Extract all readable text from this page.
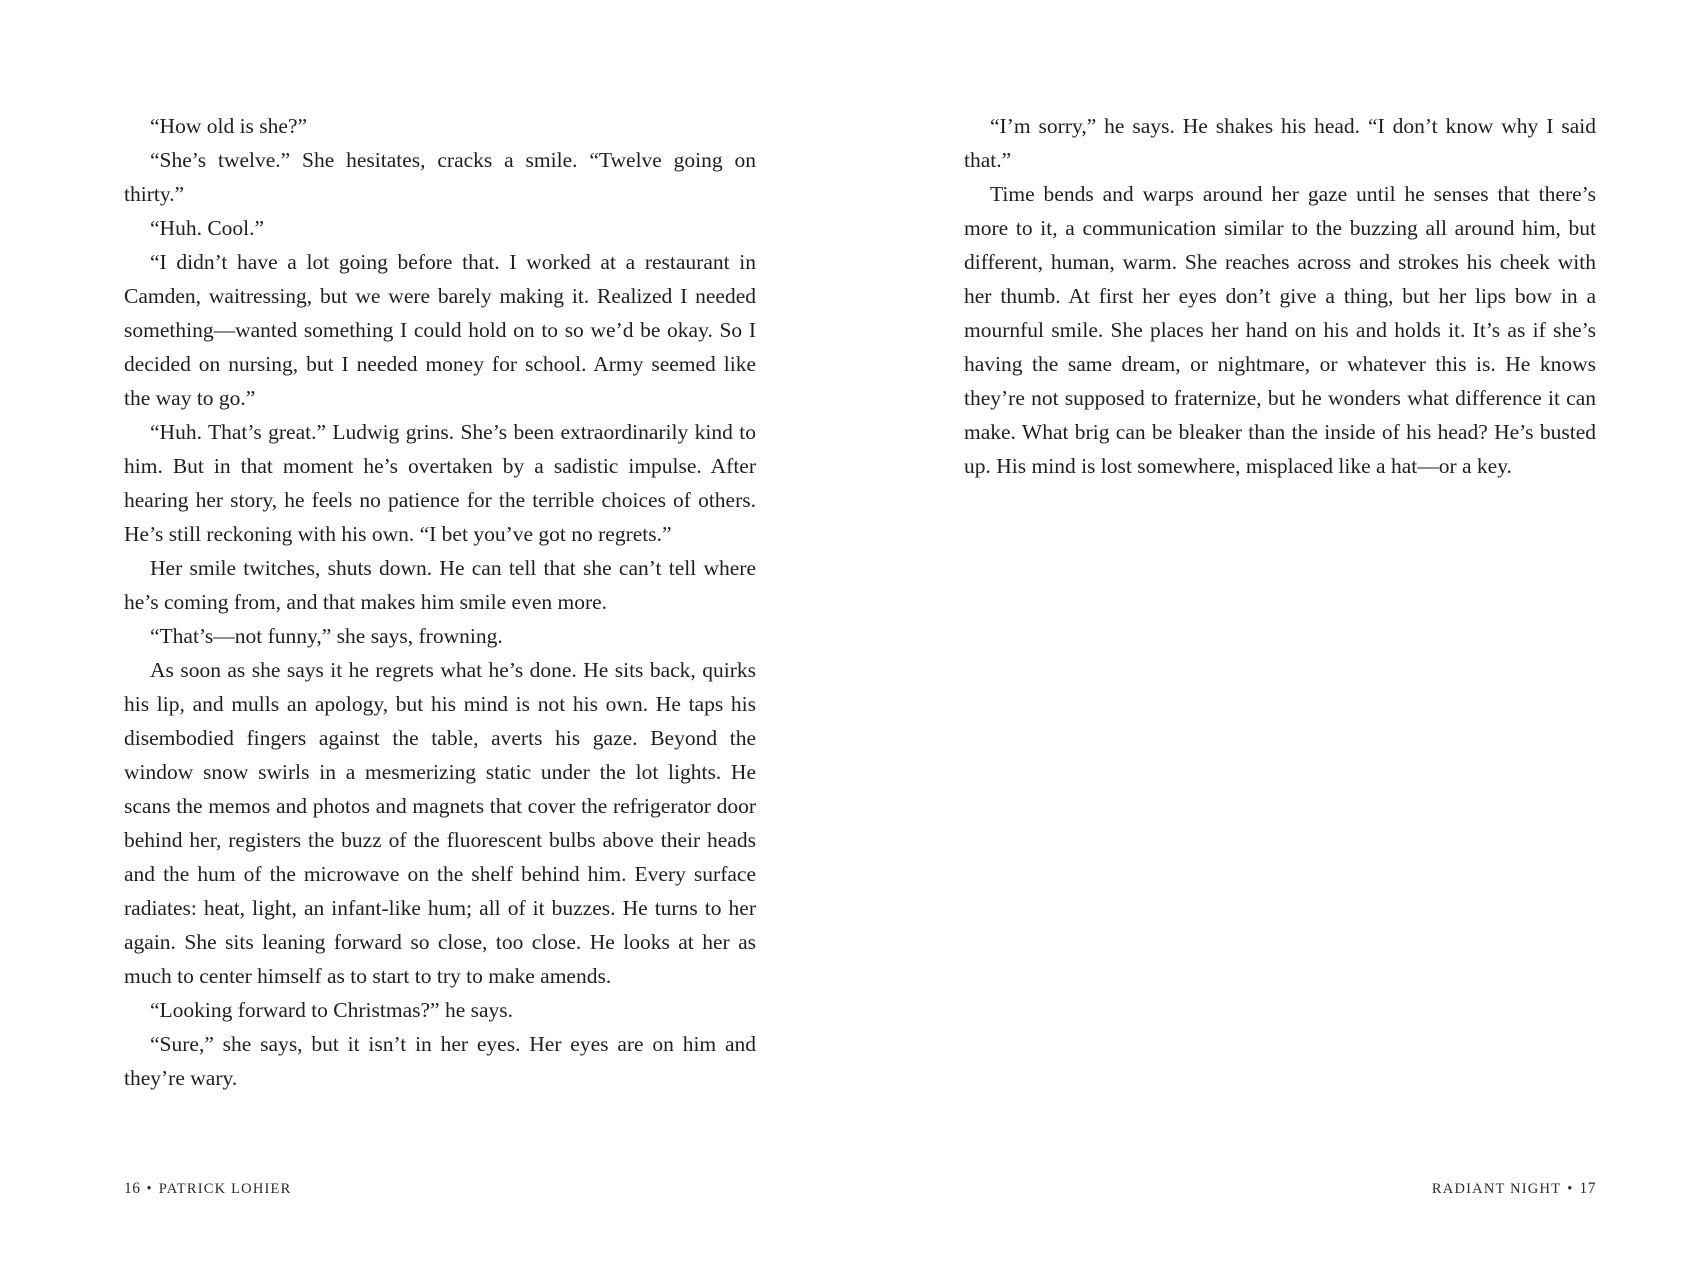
“How old is she?”

“She’s twelve.” She hesitates, cracks a smile. “Twelve going on thirty.”

“Huh. Cool.”

“I didn’t have a lot going before that. I worked at a restaurant in Camden, waitressing, but we were barely making it. Realized I needed something—wanted something I could hold on to so we’d be okay. So I decided on nursing, but I needed money for school. Army seemed like the way to go.”

“Huh. That’s great.” Ludwig grins. She’s been extraordinarily kind to him. But in that moment he’s overtaken by a sadistic impulse. After hearing her story, he feels no patience for the terrible choices of others. He’s still reckoning with his own. “I bet you’ve got no regrets.”

Her smile twitches, shuts down. He can tell that she can’t tell where he’s coming from, and that makes him smile even more.

“That’s—not funny,” she says, frowning.

As soon as she says it he regrets what he’s done. He sits back, quirks his lip, and mulls an apology, but his mind is not his own. He taps his disembodied fingers against the table, averts his gaze. Beyond the window snow swirls in a mesmerizing static under the lot lights. He scans the memos and photos and magnets that cover the refrigerator door behind her, registers the buzz of the fluorescent bulbs above their heads and the hum of the microwave on the shelf behind him. Every surface radiates: heat, light, an infant-like hum; all of it buzzes. He turns to her again. She sits leaning forward so close, too close. He looks at her as much to center himself as to start to try to make amends.

“Looking forward to Christmas?” he says.

“Sure,” she says, but it isn’t in her eyes. Her eyes are on him and they’re wary.

16 • PATRICK LOHIER

“I’m sorry,” he says. He shakes his head. “I don’t know why I said that.”

Time bends and warps around her gaze until he senses that there’s more to it, a communication similar to the buzzing all around him, but different, human, warm. She reaches across and strokes his cheek with her thumb. At first her eyes don’t give a thing, but her lips bow in a mournful smile. She places her hand on his and holds it. It’s as if she’s having the same dream, or nightmare, or whatever this is. He knows they’re not supposed to fraternize, but he wonders what difference it can make. What brig can be bleaker than the inside of his head? He’s busted up. His mind is lost somewhere, misplaced like a hat—or a key.

RADIANT NIGHT • 17
